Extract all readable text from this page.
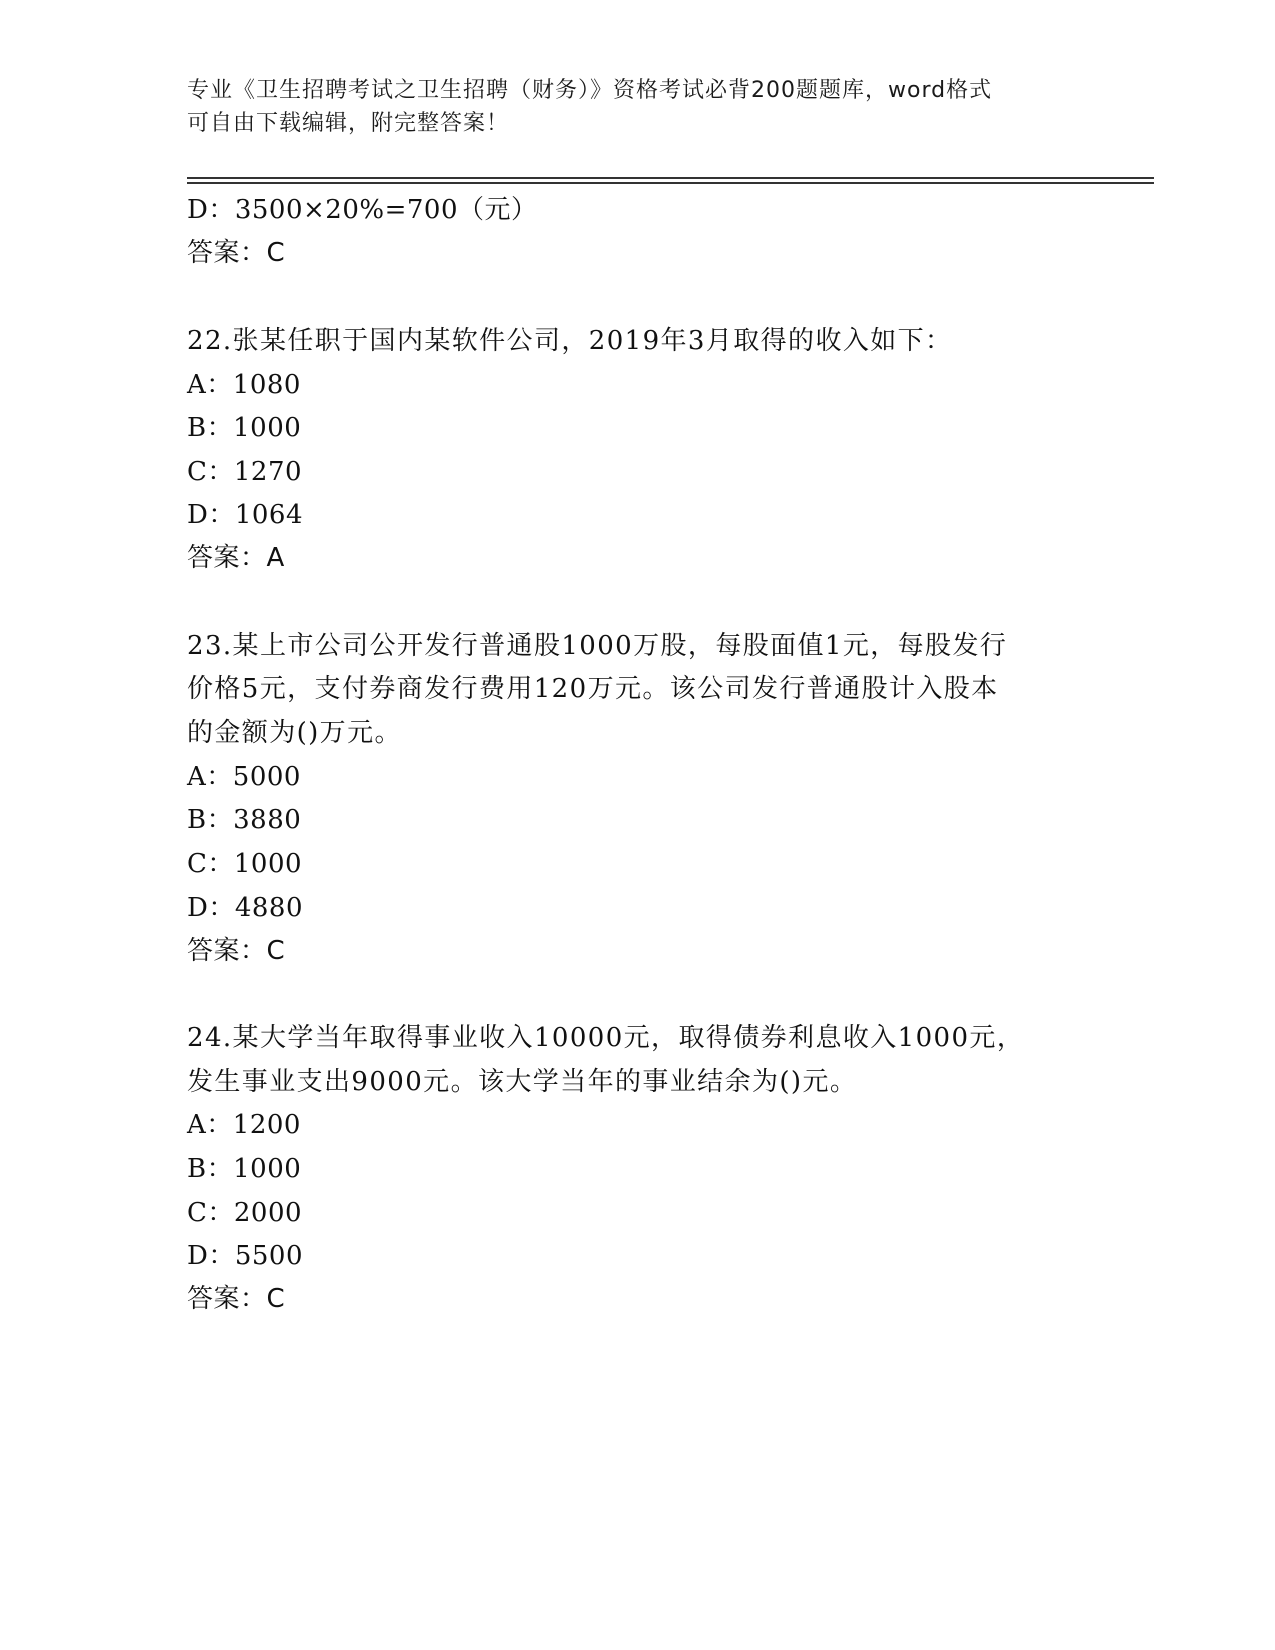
专业《卫生招聘考试之卫生招聘（财务）》资格考试必背200题题库，word格式
可自由下载编辑，附完整答案！
D：3500×20%=700（元）
答案：C
22.张某任职于国内某软件公司，2019年3月取得的收入如下：
A：1080
B：1000
C：1270
D：1064
答案：A
23.某上市公司公开发行普通股1000万股，每股面值1元，每股发行
价格5元，支付券商发行费用120万元。该公司发行普通股计入股本
的金额为()万元。
A：5000
B：3880
C：1000
D：4880
答案：C
24.某大学当年取得事业收入10000元，取得债券利息收入1000元，
发生事业支出9000元。该大学当年的事业结余为()元。
A：1200
B：1000
C：2000
D：5500
答案：C
